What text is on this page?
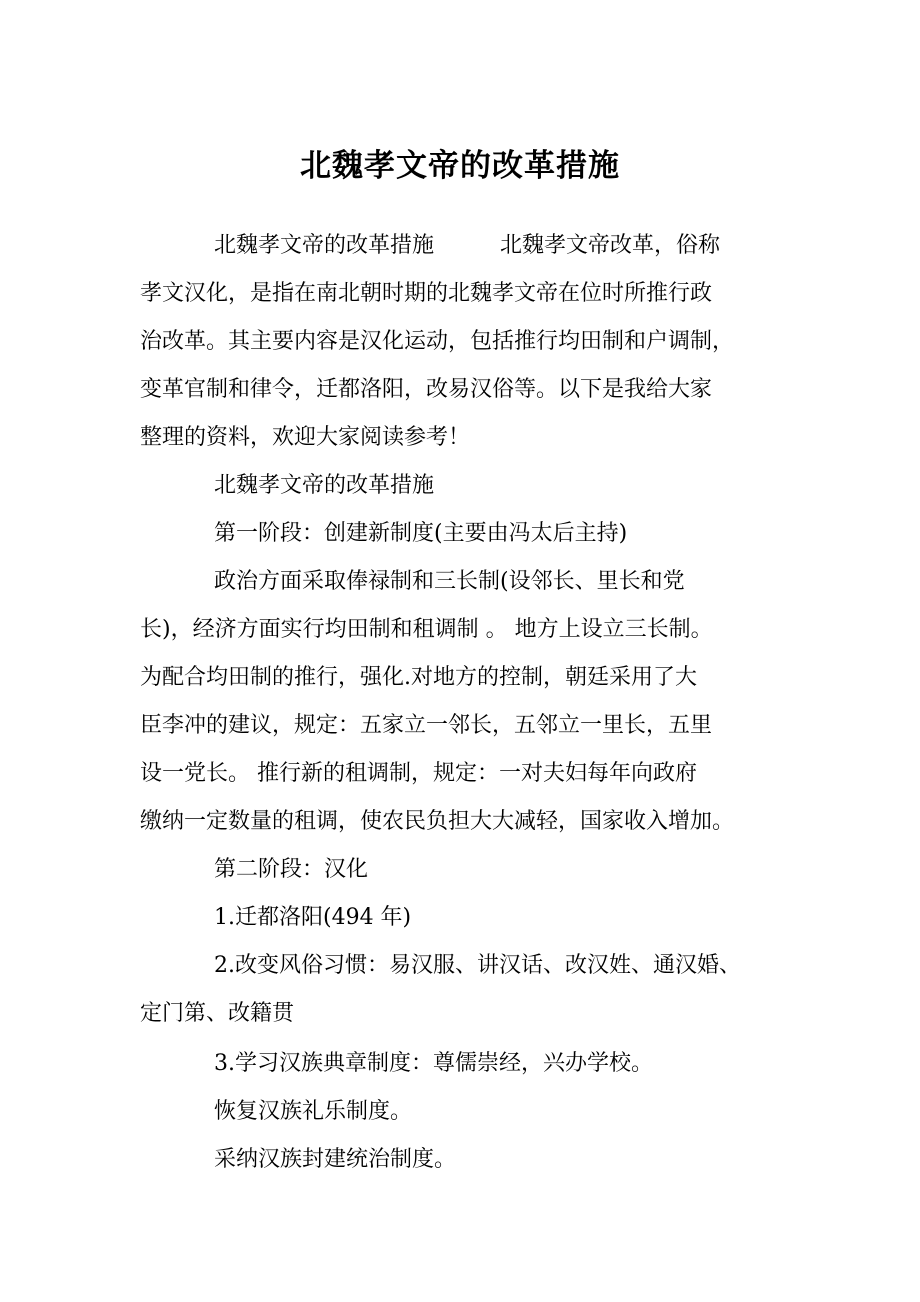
北魏孝文帝的改革措施
北魏孝文帝的改革措施　　　北魏孝文帝改革，俗称
孝文汉化，是指在南北朝时期的北魏孝文帝在位时所推行政
治改革。其主要内容是汉化运动，包括推行均田制和户调制，
变革官制和律令，迁都洛阳，改易汉俗等。以下是我给大家
整理的资料，欢迎大家阅读参考！
北魏孝文帝的改革措施
第一阶段：创建新制度(主要由冯太后主持)
政治方面采取俸禄制和三长制(设邻长、里长和党
长)，经济方面实行均田制和租调制 。 地方上设立三长制。
为配合均田制的推行，强化.对地方的控制，朝廷采用了大
臣李冲的建议，规定：五家立一邻长，五邻立一里长，五里
设一党长。 推行新的租调制，规定：一对夫妇每年向政府
缴纳一定数量的租调，使农民负担大大减轻，国家收入增加。
第二阶段：汉化
1.迁都洛阳(494 年)
2.改变风俗习惯：易汉服、讲汉话、改汉姓、通汉婚、
定门第、改籍贯
3.学习汉族典章制度：尊儒崇经，兴办学校。
恢复汉族礼乐制度。
采纳汉族封建统治制度。
